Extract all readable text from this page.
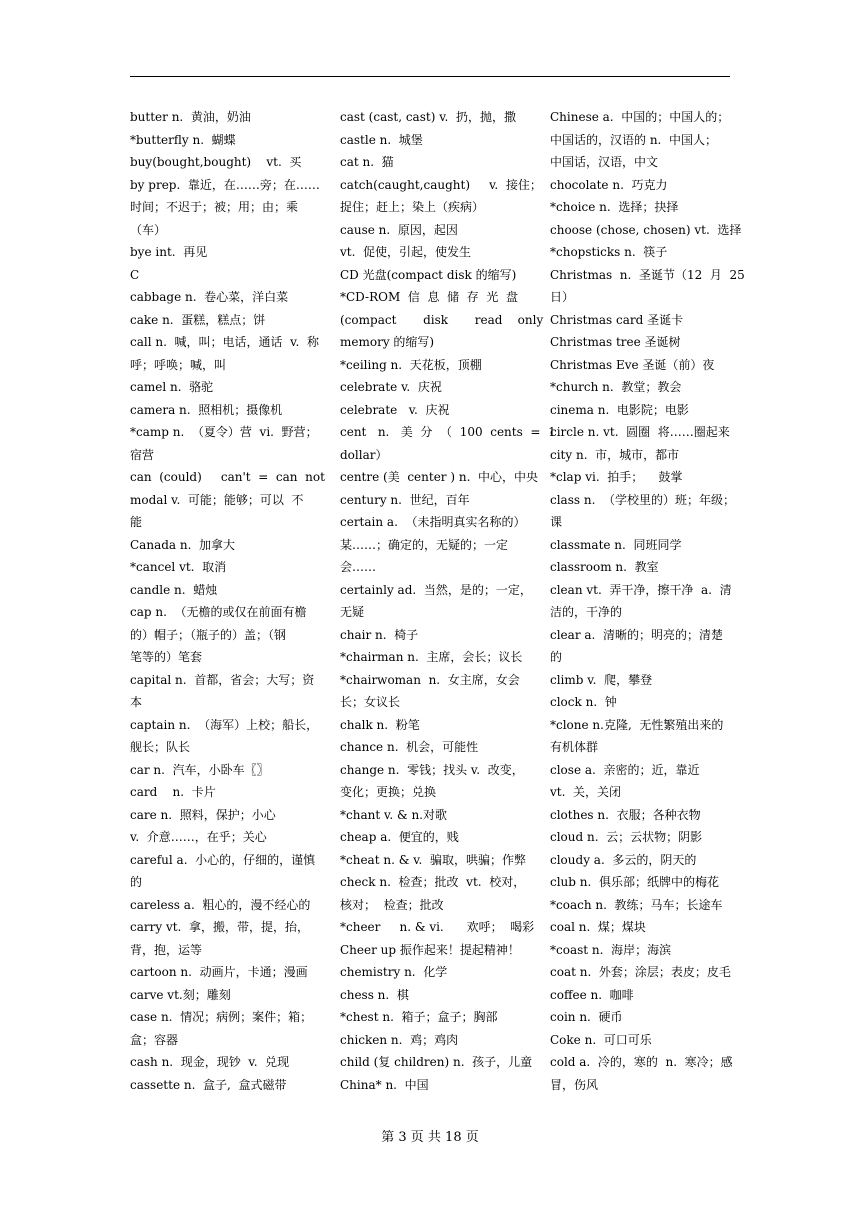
butter n.  黄油，奶油
*butterfly n.  蝴蝶
buy(bought,bought)    vt.  买
by prep.  靠近，在……旁；在……
时间；不迟于；被；用；由；乘
（车）
bye int.  再见
C
cabbage n.  卷心菜，洋白菜
cake n.  蛋糕，糕点；饼
call n.  喊，叫；电话，通话  v.  称
呼；呼唤；喊，叫
camel n.  骆驼
camera n.  照相机；摄像机
*camp n.  （夏令）营  vi.  野营；
宿营
can  (could)     can't  =  can  not
modal v.  可能；能够；可以  不
能
Canada n.  加拿大
*cancel vt.  取消
candle n.  蜡烛
cap n.  （无檐的或仅在前面有檐
的）帽子；（瓶子的）盖；（钢
笔等的）笔套
capital n.  首都，省会；大写；资
本
captain n.  （海军）上校；船长，
舰长；队长
car n.  汽车，小卧车〖〗
card    n.  卡片
care n.  照料，保护；小心
v.  介意……，在乎；关心
careful a.  小心的，仔细的，谨慎
的
careless a.  粗心的，漫不经心的
carry vt.  拿，搬，带，提，抬，
背，抱，运等
cartoon n.  动画片，卡通；漫画
carve vt.刻；雕刻
case n.  情况；病例；案件；箱；
盒；容器
cash n.  现金，现钞  v.  兑现
cassette n.  盒子,  盒式磁带
cast (cast, cast) v.  扔，抛，撒
castle n.  城堡
cat n.  猫
catch(caught,caught)     v.  接住；
捉住；赶上；染上（疾病）
cause n.  原因，起因
vt.  促使，引起，使发生
CD 光盘(compact disk 的缩写)
*CD-ROM  信  息  储  存  光  盘
(compact       disk       read    only
memory 的缩写)
*ceiling n.  天花板，顶棚
celebrate v.  庆祝
celebrate   v.  庆祝
cent   n.   美  分  （  100  cents  =  1
dollar）
centre (美  center ) n.  中心，中央
century n.  世纪，百年
certain a.  （未指明真实名称的）
某……；确定的，无疑的；一定
会……
certainly ad.  当然，是的；一定，
无疑
chair n.  椅子
*chairman n.  主席，会长；议长
*chairwoman  n.  女主席，女会
长；女议长
chalk n.  粉笔
chance n.  机会，可能性
change n.  零钱；找头 v.  改变，
变化；更换；兑换
*chant v. & n.对歌
cheap a.  便宜的，贱
*cheat n. & v.  骗取，哄骗；作弊
check n.  检查；批改  vt.  校对，
核对；  检查；批改
*cheer     n. & vi.      欢呼；  喝彩
Cheer up 振作起来！提起精神！
chemistry n.  化学
chess n.  棋
*chest n.  箱子；盒子；胸部
chicken n.  鸡；鸡肉
child (复 children) n.  孩子，儿童
China* n.  中国
Chinese a.  中国的；中国人的；
中国话的，汉语的 n.  中国人；
中国话，汉语，中文
chocolate n.  巧克力
*choice n.  选择；抉择
choose (chose, chosen) vt.  选择
*chopsticks n.  筷子
Christmas  n.  圣诞节（12  月  25
日）
Christmas card 圣诞卡
Christmas tree 圣诞树
Christmas Eve 圣诞（前）夜
*church n.  教堂；教会
cinema n.  电影院；电影
circle n. vt.  圆圈  将……圈起来
city n.  市，城市，都市
*clap vi.  拍手；    鼓掌
class n.  （学校里的）班；年级；
课
classmate n.  同班同学
classroom n.  教室
clean vt.  弄干净，擦干净  a.  清
洁的，干净的
clear a.  清晰的；明亮的；清楚
的
climb v.  爬，攀登
clock n.  钟
*clone n.克隆,  无性繁殖出来的
有机体群
close a.  亲密的；近，靠近
vt.  关，关闭
clothes n.  衣服；各种衣物
cloud n.  云；云状物；阴影
cloudy a.  多云的，阴天的
club n.  俱乐部；纸牌中的梅花
*coach n.  教练；马车；长途车
coal n.  煤；煤块
*coast n.  海岸；海滨
coat n.  外套；涂层；表皮；皮毛
coffee n.  咖啡
coin n.  硬币
Coke n.  可口可乐
cold a.  冷的，寒的  n.  寒冷；感
冒，伤风
第 3 页 共 18 页
